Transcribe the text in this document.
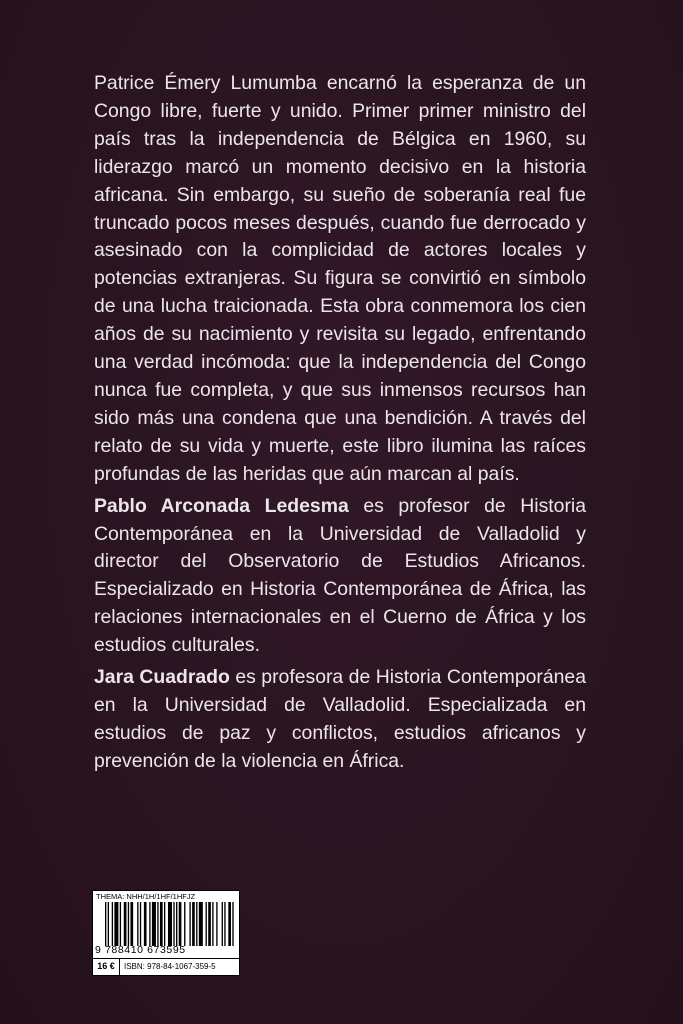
Patrice Émery Lumumba encarnó la esperanza de un Congo libre, fuerte y unido. Primer primer ministro del país tras la independencia de Bélgica en 1960, su liderazgo marcó un momento decisivo en la historia africana. Sin embargo, su sueño de soberanía real fue truncado pocos meses después, cuando fue derrocado y asesinado con la complicidad de actores locales y potencias extranjeras. Su figura se convirtió en símbolo de una lucha traicionada. Esta obra conmemora los cien años de su nacimiento y revisita su legado, enfrentando una verdad incómoda: que la independencia del Congo nunca fue completa, y que sus inmensos recursos han sido más una condena que una bendición. A través del relato de su vida y muerte, este libro ilumina las raíces profundas de las heridas que aún marcan al país.

Pablo Arconada Ledesma es profesor de Historia Contemporánea en la Universidad de Valladolid y director del Observatorio de Estudios Africanos. Especializado en Historia Contemporánea de África, las relaciones internacionales en el Cuerno de África y los estudios culturales.

Jara Cuadrado es profesora de Historia Contemporánea en la Universidad de Valladolid. Especializada en estudios de paz y conflictos, estudios africanos y prevención de la violencia en África.

THEMA: NHH/1H/1HF/1HFJZ
9 788410 673595
16 €	ISBN: 978-84-1067-359-5
